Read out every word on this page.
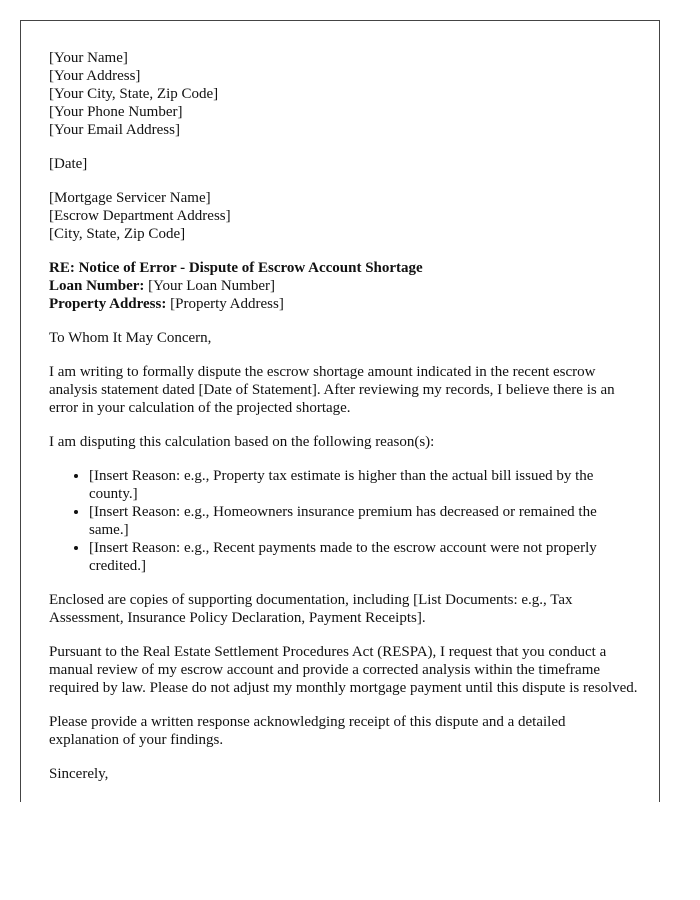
[Your Name]
[Your Address]
[Your City, State, Zip Code]
[Your Phone Number]
[Your Email Address]
[Date]
[Mortgage Servicer Name]
[Escrow Department Address]
[City, State, Zip Code]
RE: Notice of Error - Dispute of Escrow Account Shortage
Loan Number: [Your Loan Number]
Property Address: [Property Address]

To Whom It May Concern,

I am writing to formally dispute the escrow shortage amount indicated in the recent escrow analysis statement dated [Date of Statement]. After reviewing my records, I believe there is an error in your calculation of the projected shortage.

I am disputing this calculation based on the following reason(s):

• [Insert Reason: e.g., Property tax estimate is higher than the actual bill issued by the county.]
• [Insert Reason: e.g., Homeowners insurance premium has decreased or remained the same.]
• [Insert Reason: e.g., Recent payments made to the escrow account were not properly credited.]

Enclosed are copies of supporting documentation, including [List Documents: e.g., Tax Assessment, Insurance Policy Declaration, Payment Receipts].

Pursuant to the Real Estate Settlement Procedures Act (RESPA), I request that you conduct a manual review of my escrow account and provide a corrected analysis within the timeframe required by law. Please do not adjust my monthly mortgage payment until this dispute is resolved.

Please provide a written response acknowledging receipt of this dispute and a detailed explanation of your findings.

Sincerely,
